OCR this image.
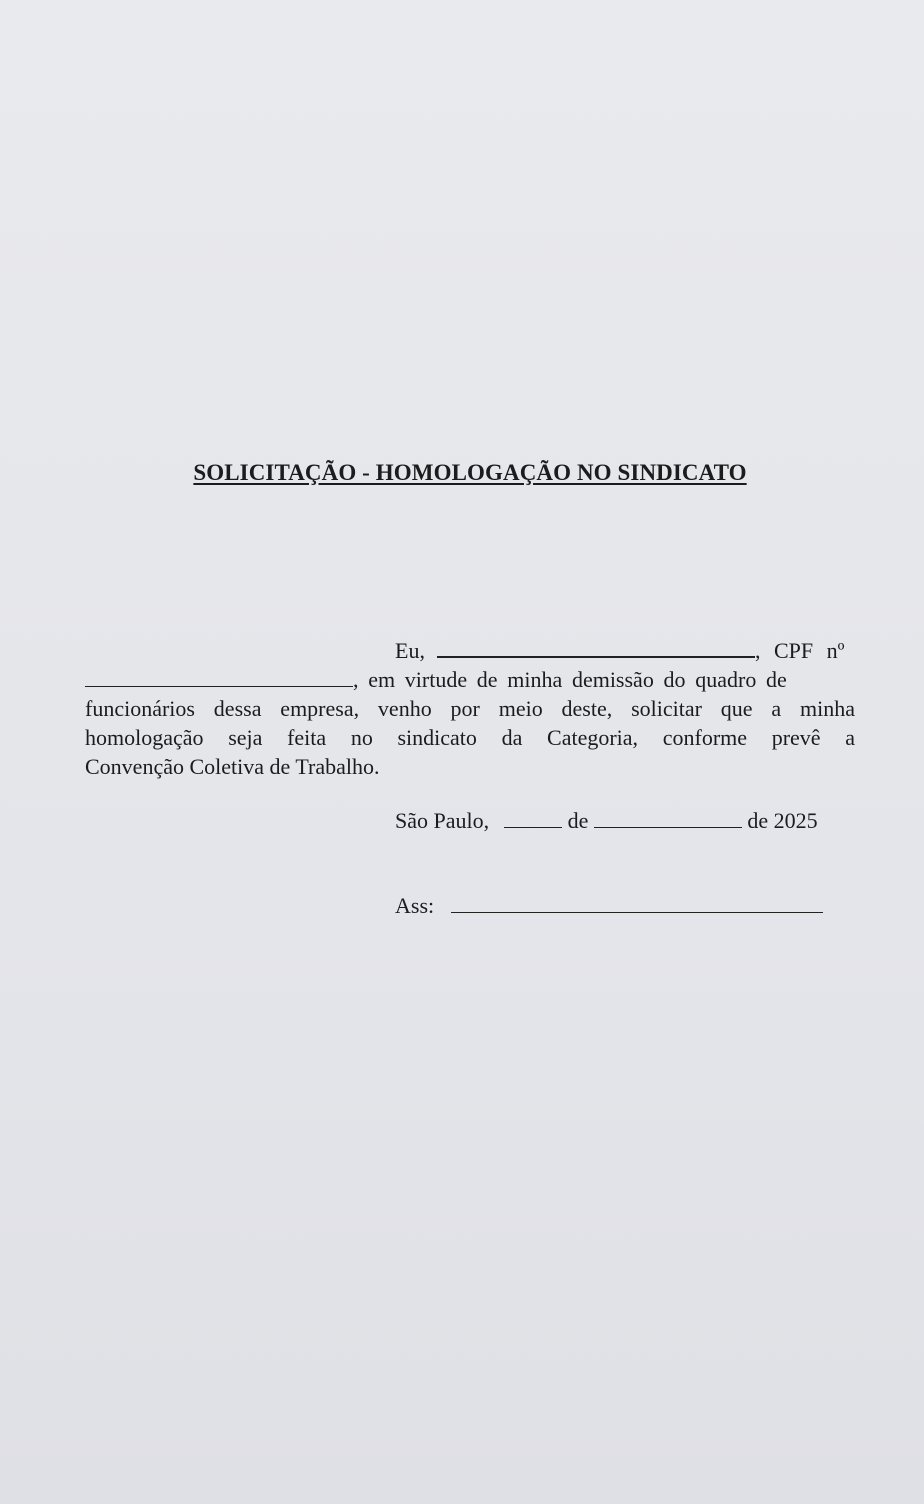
SOLICITAÇÃO - HOMOLOGAÇÃO NO SINDICATO
Eu,	, CPF nº
, em virtude de minha demissão do quadro de
funcionários dessa empresa, venho por meio deste, solicitar que a minha
homologação seja feita no sindicato da Categoria, conforme prevê a
Convenção Coletiva de Trabalho.
São Paulo,	de	de 2025
Ass:
